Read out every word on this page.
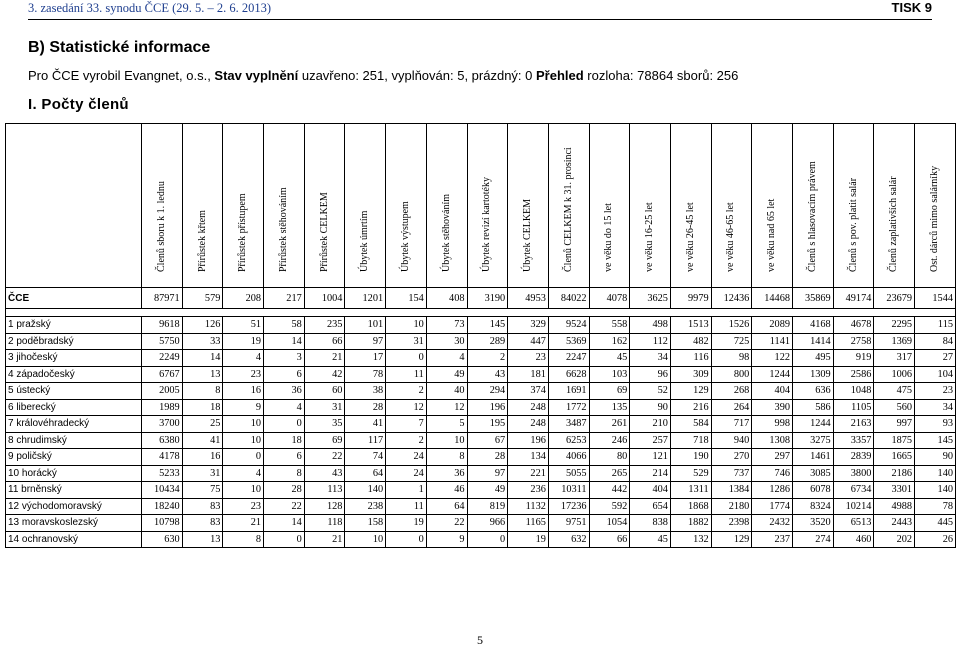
3. zasedání 33. synodu ČCE (29. 5. – 2. 6. 2013)	TISK 9
B) Statistické informace
Pro ČCE vyrobil Evangnet, o.s., Stav vyplnění uzavřeno: 251, vyplňován: 5, prázdný: 0 Přehled rozloha: 78864 sborů: 256
I. Počty členů

	Členů sboru k 1. lednu	Přírůstek křtem	Přírůstek přístupem	Přírůstek stěhováním	Přírůstek CELKEM	Úbytek úmrtím	Úbytek výstupem	Úbytek stěhováním	Úbytek revizí kartotéky	Úbytek CELKEM	Členů CELKEM k 31. prosinci	ve věku do 15 let	ve věku 16-25 let	ve věku 26-45 let	ve věku 46-65 let	ve věku nad 65 let	Členů s hlasovacím právem	Členů s pov. platit salár	Členů zaplativších salár	Ost. dárců mimo salárníky

ČCE	87971	579	208	217	1004	1201	154	408	3190	4953	84022	4078	3625	9979	12436	14468	35869	49174	23679	1544

1 pražský	9618	126	51	58	235	101	10	73	145	329	9524	558	498	1513	1526	2089	4168	4678	2295	115
2 poděbradský	5750	33	19	14	66	97	31	30	289	447	5369	162	112	482	725	1141	1414	2758	1369	84
3 jihočeský	2249	14	4	3	21	17	0	4	2	23	2247	45	34	116	98	122	495	919	317	27
4 západočeský	6767	13	23	6	42	78	11	49	43	181	6628	103	96	309	800	1244	1309	2586	1006	104
5 ústecký	2005	8	16	36	60	38	2	40	294	374	1691	69	52	129	268	404	636	1048	475	23
6 liberecký	1989	18	9	4	31	28	12	12	196	248	1772	135	90	216	264	390	586	1105	560	34
7 královéhradecký	3700	25	10	0	35	41	7	5	195	248	3487	261	210	584	717	998	1244	2163	997	93
8 chrudimský	6380	41	10	18	69	117	2	10	67	196	6253	246	257	718	940	1308	3275	3357	1875	145
9 poličský	4178	16	0	6	22	74	24	8	28	134	4066	80	121	190	270	297	1461	2839	1665	90
10 horácký	5233	31	4	8	43	64	24	36	97	221	5055	265	214	529	737	746	3085	3800	2186	140
11 brněnský	10434	75	10	28	113	140	1	46	49	236	10311	442	404	1311	1384	1286	6078	6734	3301	140
12 východomoravský	18240	83	23	22	128	238	11	64	819	1132	17236	592	654	1868	2180	1774	8324	10214	4988	78
13 moravskoslezský	10798	83	21	14	118	158	19	22	966	1165	9751	1054	838	1882	2398	2432	3520	6513	2443	445
14 ochranovský	630	13	8	0	21	10	0	9	0	19	632	66	45	132	129	237	274	460	202	26
5
